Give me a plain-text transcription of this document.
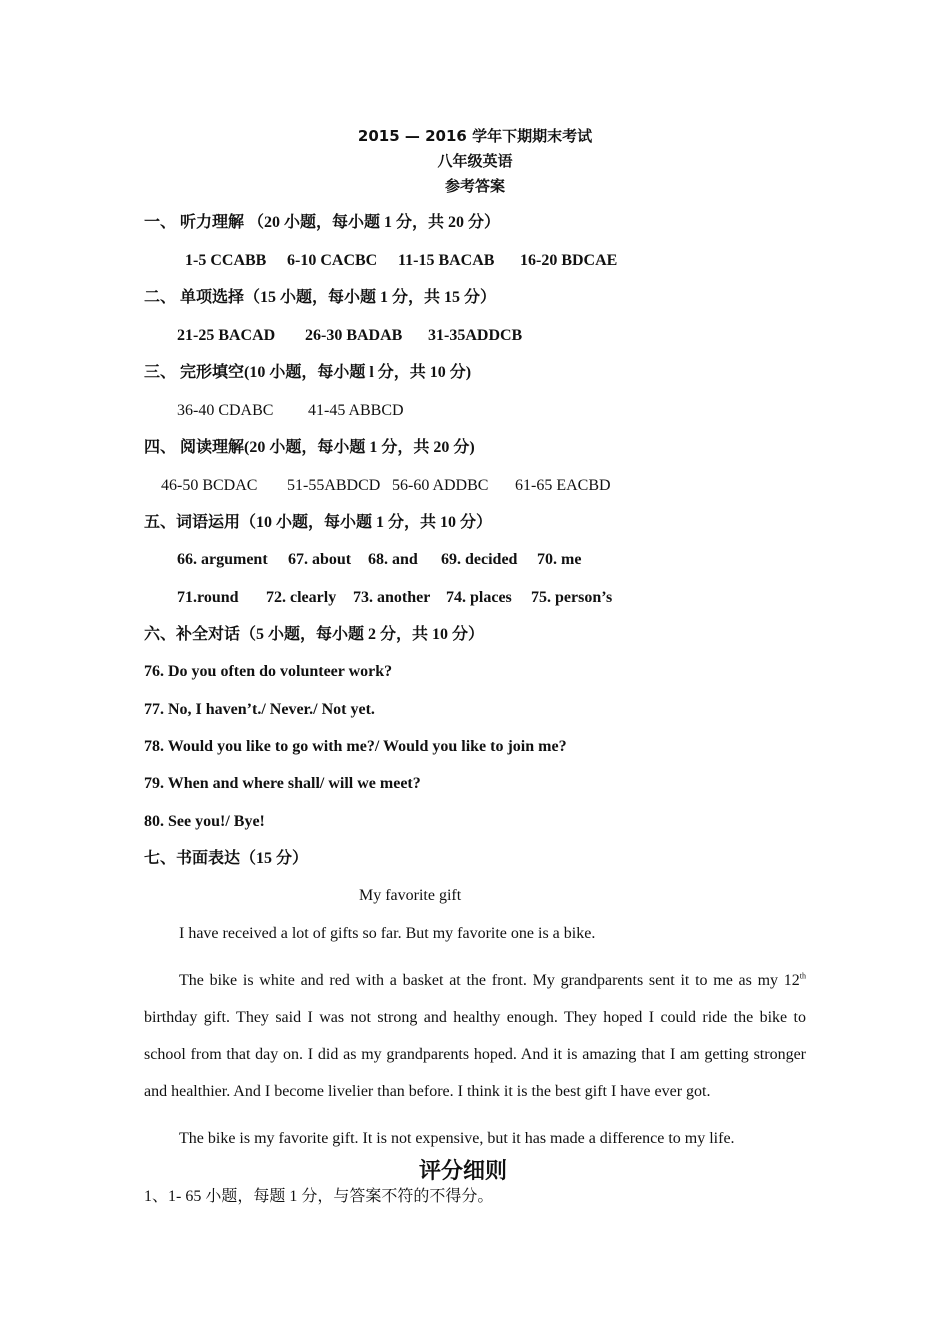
2015 — 2016 学年下期期末考试
八年级英语
参考答案
一、 听力理解 （20 小题，每小题 1 分，共 20 分）
1-5 CCABB 6-10 CACBC 11-15 BACAB 16-20 BDCAE
二、 单项选择（15 小题，每小题 1 分，共 15 分）
21-25 BACAD 26-30 BADAB 31-35ADDCB
三、 完形填空(10 小题，每小题 l 分，共 10 分)
36-40 CDABC 41-45 ABBCD
四、 阅读理解(20 小题，每小题 1 分，共 20 分)
46-50 BCDAC 51-55ABDCD 56-60 ADDBC 61-65 EACBD
五、词语运用（10 小题，每小题 1 分，共 10 分）
66. argument 67. about 68. and 69. decided 70. me
71.round 72. clearly 73. another 74. places 75. person’s
六、补全对话（5 小题，每小题 2 分，共 10 分）
76. Do you often do volunteer work?
77. No, I haven’t./ Never./ Not yet.
78. Would you like to go with me?/ Would you like to join me?
79. When and where shall/ will we meet?
80. See you!/ Bye!
七、书面表达（15 分）
My favorite gift
I have received a lot of gifts so far. But my favorite one is a bike.
The bike is white and red with a basket at the front. My grandparents sent it to me as my 12th birthday gift. They said I was not strong and healthy enough. They hoped I could ride the bike to school from that day on. I did as my grandparents hoped. And it is amazing that I am getting stronger and healthier. And I become livelier than before. I think it is the best gift I have ever got.
The bike is my favorite gift. It is not expensive, but it has made a difference to my life.
评分细则
1、1- 65 小题，每题 1 分，与答案不符的不得分。
